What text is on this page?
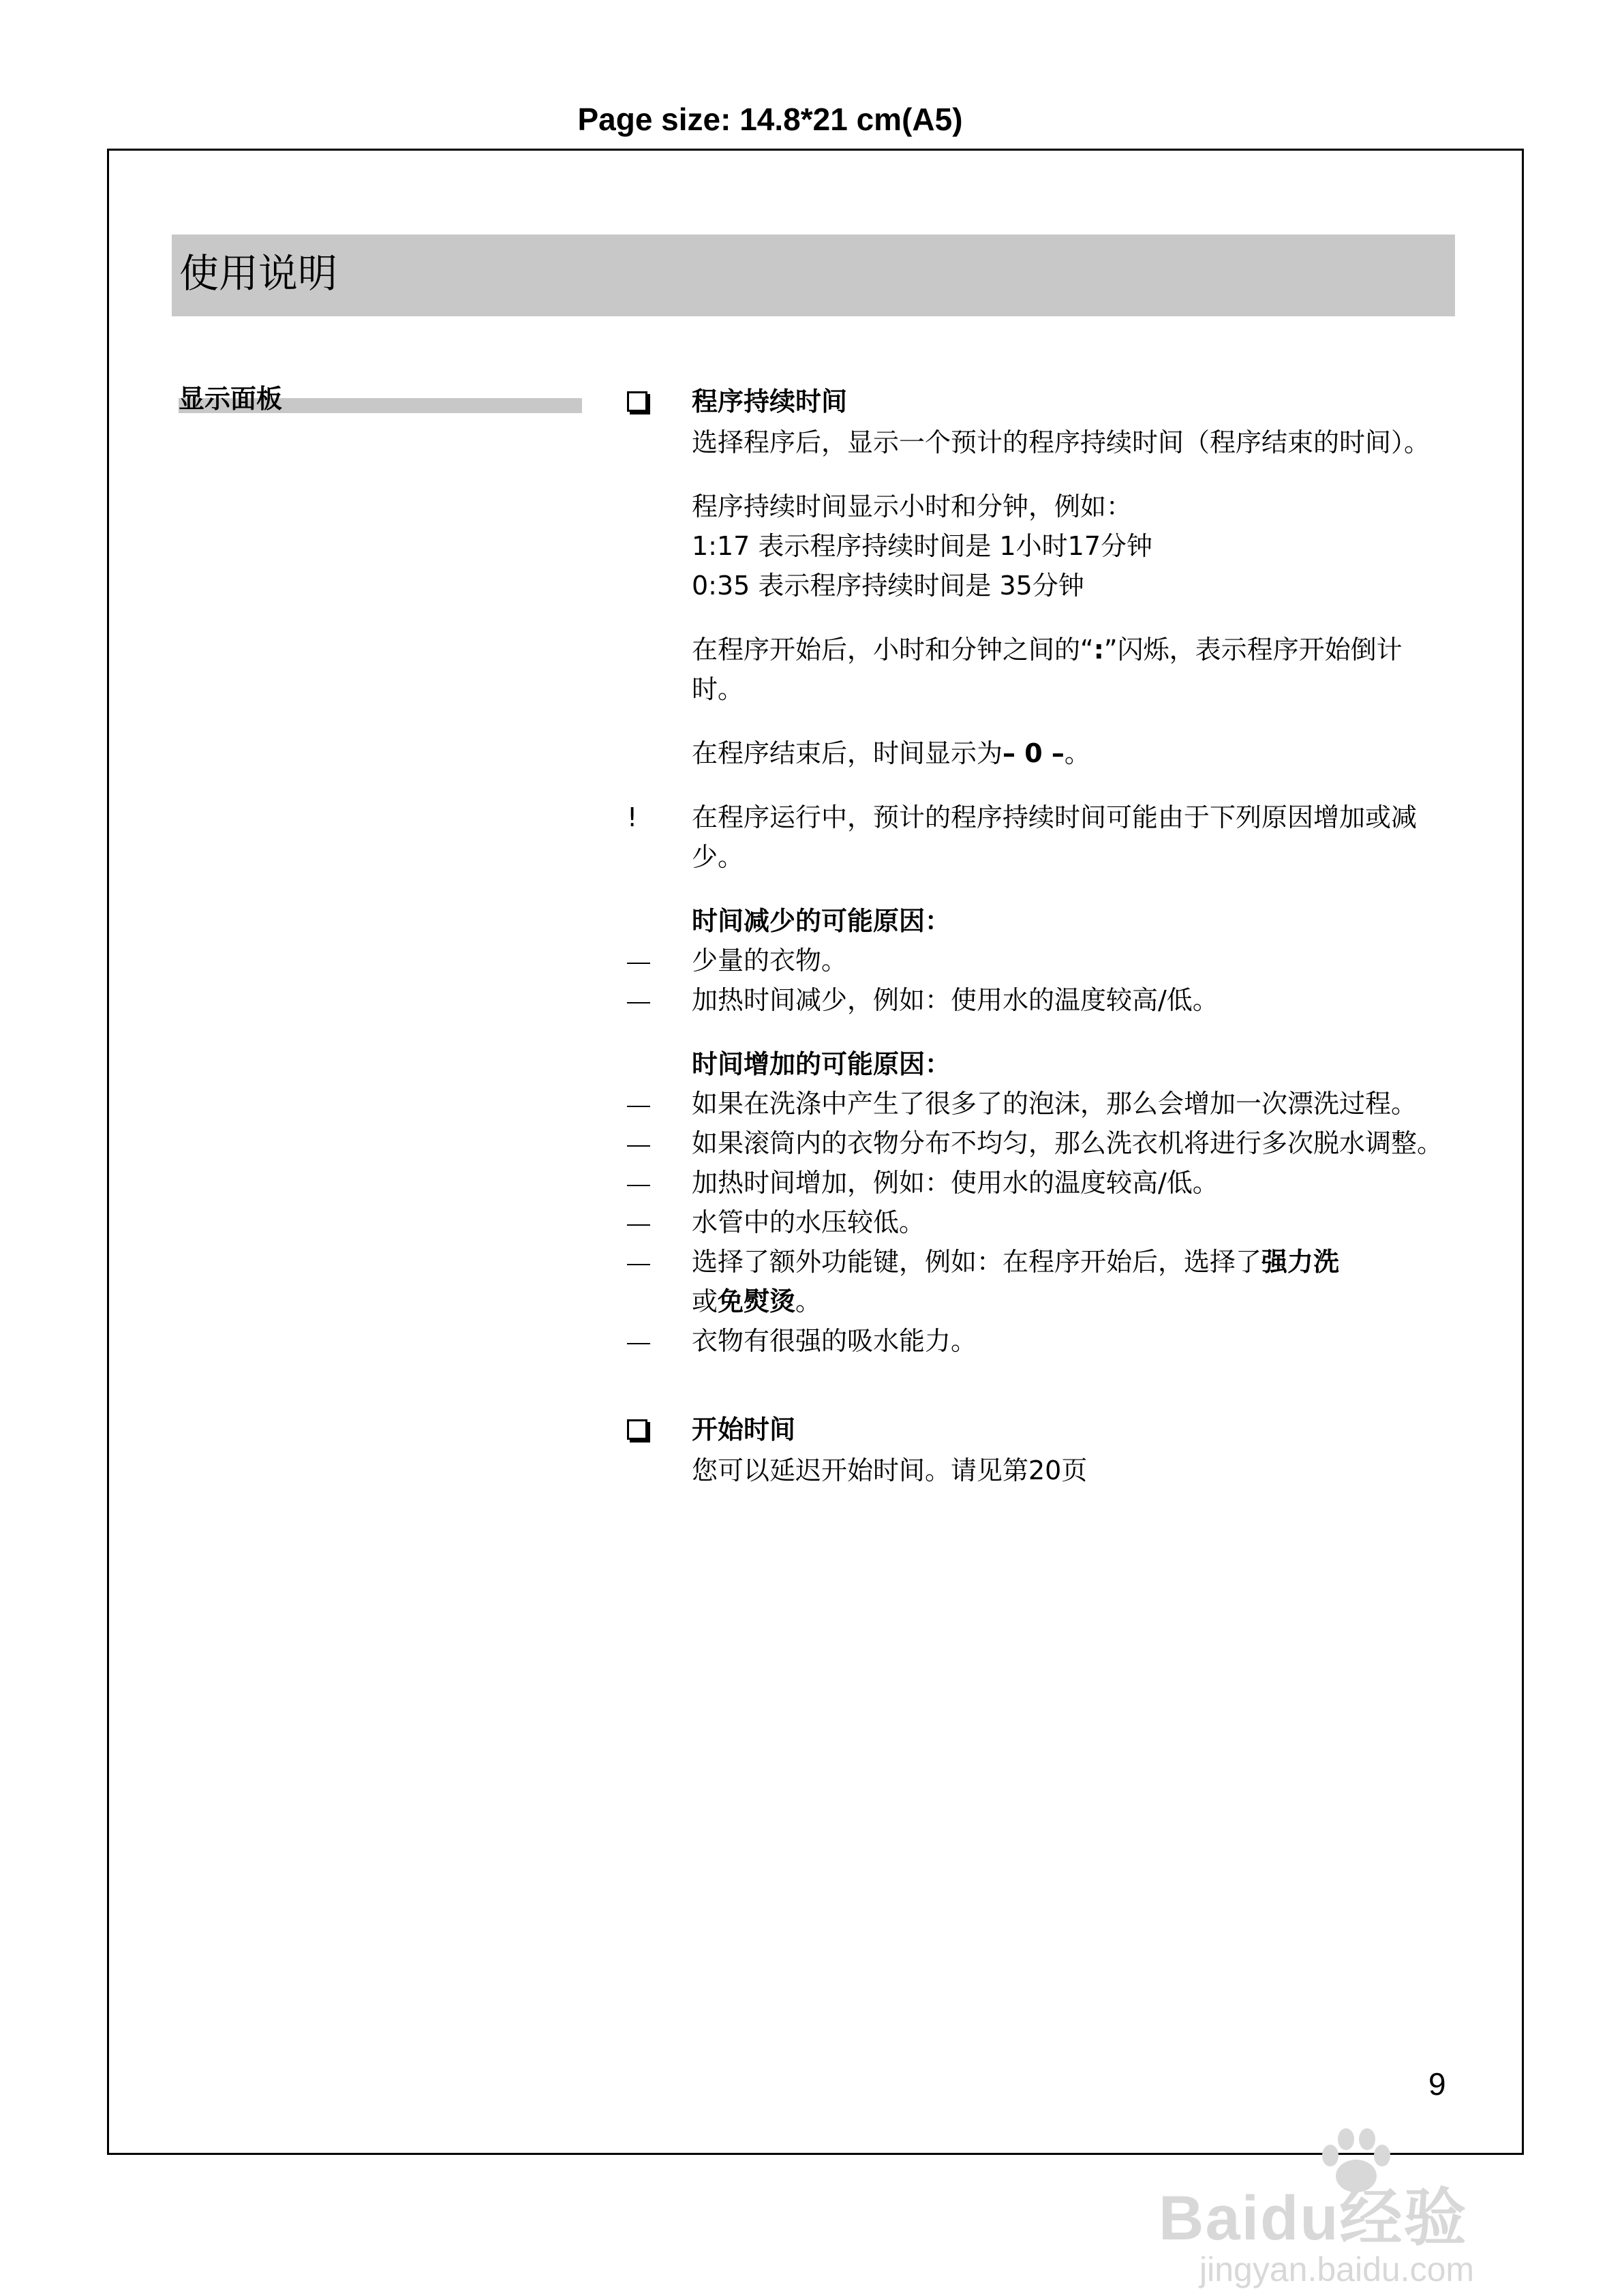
Page size: 14.8*21 cm(A5)
使用说明
显示面板	程序持续时间
选择程序后，显示一个预计的程序持续时间（程序结束的时间）。
程序持续时间显示小时和分钟，例如：
1:17 表示程序持续时间是 1小时17分钟
0:35 表示程序持续时间是 35分钟
在程序开始后，小时和分钟之间的“:”闪烁，表示程序开始倒计时。
在程序结束后，时间显示为– 0 –。
!	在程序运行中，预计的程序持续时间可能由于下列原因增加或减少。
时间减少的可能原因：
少量的衣物。
加热时间减少，例如：使用水的温度较高/低。
时间增加的可能原因：
如果在洗涤中产生了很多了的泡沫，那么会增加一次漂洗过程。
如果滚筒内的衣物分布不均匀，那么洗衣机将进行多次脱水调整。
加热时间增加，例如：使用水的温度较高/低。
水管中的水压较低。
选择了额外功能键，例如：在程序开始后，选择了强力洗
或免熨烫。
衣物有很强的吸水能力。
开始时间
您可以延迟开始时间。请见第20页
9
Baidu经验
jingyan.baidu.com
